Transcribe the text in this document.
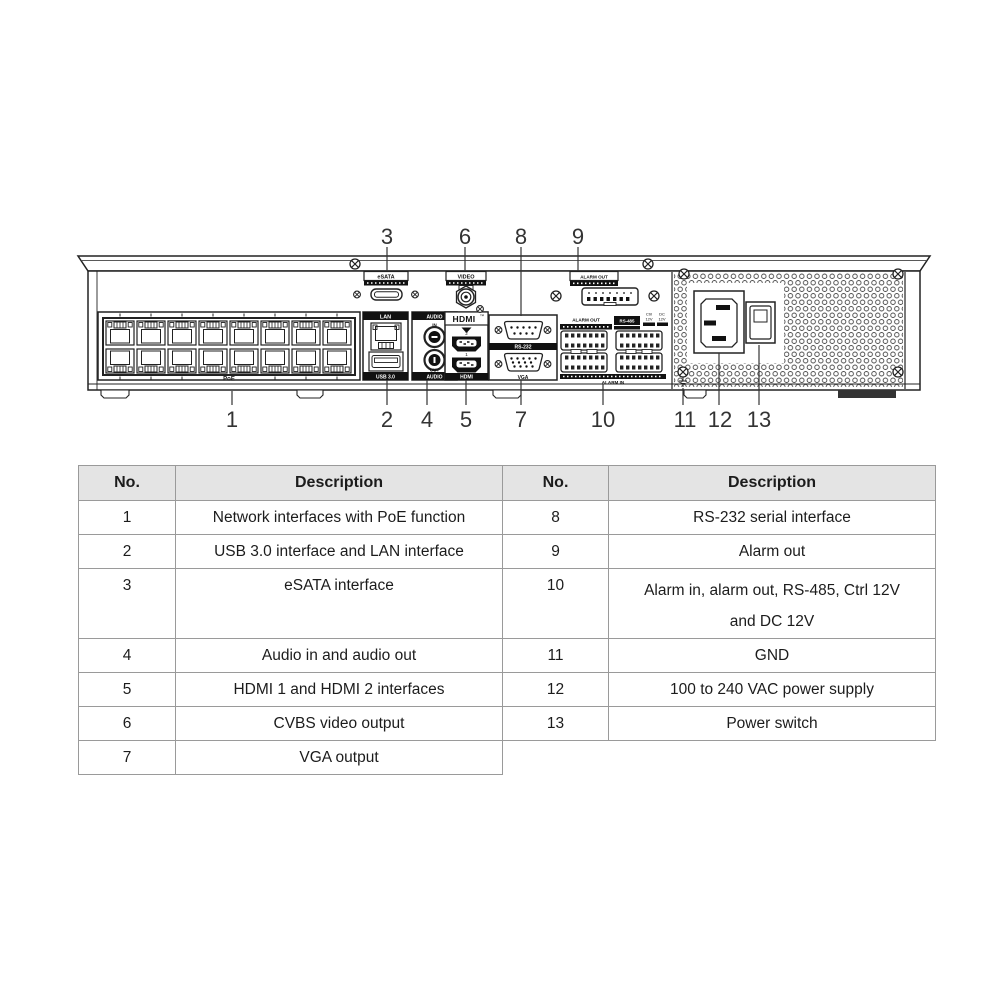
PoE
LAN
USB 3.0
AUDIO
IN
OUT
AUDIO
HDMI ™
2
1
HDMI
RS-232
VGA
eSATA	VIDEO	ALARM OUT
ALARM OUT	RS-485
Ctrl
12V
DC
12V
ALARM IN
3	6 8 9
1	2 4 5 7	10	11 12 13
No.	Description	No.	Description
1	Network interfaces with PoE function	8	RS-232 serial interface
2	USB 3.0 interface and LAN interface	9	Alarm out
3	eSATA interface	10	Alarm in, alarm out, RS-485, Ctrl 12V
and DC 12V

4	Audio in and audio out	11	GND
5	HDMI 1 and HDMI 2 interfaces	12	100 to 240 VAC power supply
6	CVBS video output	13	Power switch
7	VGA output		
